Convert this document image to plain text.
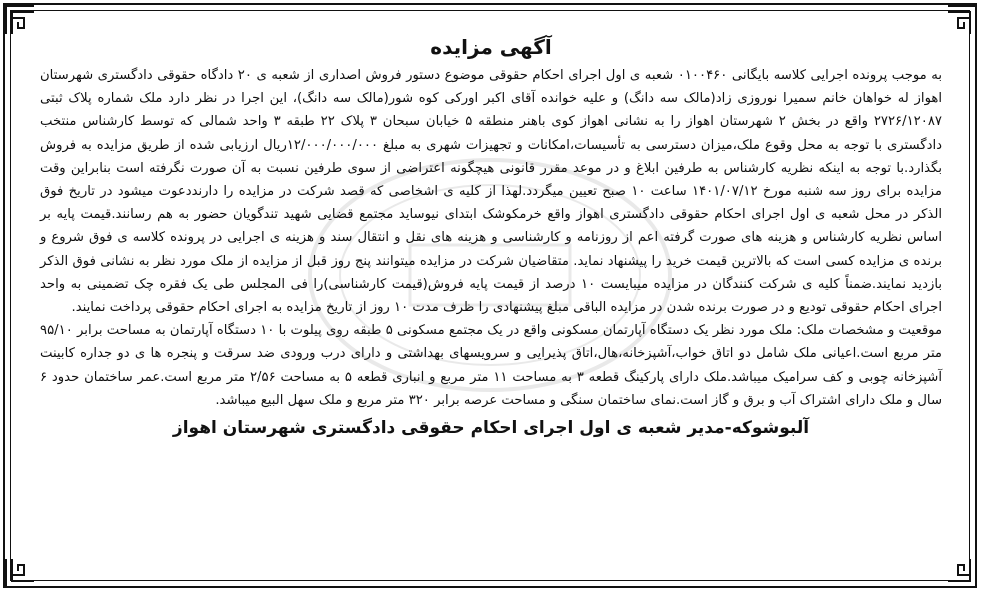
آگهی مزایده

به موجب پرونده اجرایی کلاسه بایگانی ۰۱۰۰۴۶۰ شعبه ی اول اجرای احکام حقوقی موضوع دستور فروش اصداری از شعبه ی ۲۰ دادگاه حقوقی دادگستری شهرستان اهواز له خواهان خانم سمیرا نوروزی زاد(مالک سه دانگ) و علیه خوانده آقای اکبر اورکی کوه شور(مالک سه دانگ)، این اجرا در نظر دارد ملک شماره پلاک ثبتی ۲۷۲۶/۱۲۰۸۷ واقع در بخش ۲ شهرستان اهواز را به نشانی اهواز کوی باهنر منطقه ۵ خیابان سبحان ۳ پلاک ۲۲ طبقه ۳ واحد شمالی که توسط کارشناس منتخب دادگستری با توجه به محل وقوع ملک،میزان دسترسی به تأسیسات،امکانات و تجهیزات شهری به مبلغ ۱۲/۰۰۰/۰۰۰/۰۰۰ریال ارزیابی شده از طریق مزایده به فروش بگذارد.با توجه به اینکه نظریه کارشناس به طرفین ابلاغ و در موعد مقرر قانونی هیچگونه اعتراضی از سوی طرفین نسبت به آن صورت نگرفته است بنابراین وقت مزایده برای روز سه شنبه مورخ ۱۴۰۱/۰۷/۱۲ ساعت ۱۰ صبح تعیین میگردد.لهذا از کلیه ی اشخاصی که قصد شرکت در مزایده را دارنددعوت میشود در تاریخ فوق الذکر در محل شعبه ی اول اجرای احکام حقوقی دادگستری اهواز واقع خرمکوشک ابتدای نیوساید مجتمع قضایی شهید تندگویان حضور به هم رسانند.قیمت پایه بر اساس نظریه کارشناس و هزینه های صورت گرفته اعم از روزنامه و کارشناسی و هزینه های نقل و انتقال سند و هزینه ی اجرایی در پرونده کلاسه ی فوق شروع و برنده ی مزایده کسی است که بالاترین قیمت خرید را پیشنهاد نماید. متقاضیان شرکت در مزایده میتوانند پنج روز قبل از مزایده از ملک مورد نظر به نشانی فوق الذکر بازدید نمایند.ضمناً کلیه ی شرکت کنندگان در مزایده میبایست ۱۰ درصد از قیمت پایه فروش(قیمت کارشناسی)را فی المجلس طی یک فقره چک تضمینی به واحد اجرای احکام حقوقی تودیع و در صورت برنده شدن در مزایده الباقی مبلغ پیشنهادی را ظرف مدت ۱۰ روز از تاریخ مزایده به اجرای احکام حقوقی پرداخت نمایند.

موقعیت و مشخصات ملک: ملک مورد نظر یک دستگاه آپارتمان مسکونی واقع در یک مجتمع مسکونی ۵ طبقه روی پیلوت با ۱۰ دستگاه آپارتمان به مساحت برابر ۹۵/۱۰ متر مربع است.اعیانی ملک شامل دو اتاق خواب،آشپزخانه،هال،اتاق پذیرایی و سرویسهای بهداشتی و دارای درب ورودی ضد سرقت و پنجره ها ی دو جداره کابینت آشپزخانه چوبی و کف سرامیک میباشد.ملک دارای پارکینگ قطعه ۳ به مساحت ۱۱ متر مربع و انباری قطعه ۵ به مساحت ۲/۵۶ متر مربع است.عمر ساختمان حدود ۶ سال و ملک دارای اشتراک آب و برق و گاز است.نمای ساختمان سنگی و مساحت عرصه برابر ۳۲۰ متر مربع و ملک سهل البیع میباشد.

آلبوشوکه-مدیر شعبه ی اول اجرای احکام حقوقی دادگستری شهرستان اهواز
